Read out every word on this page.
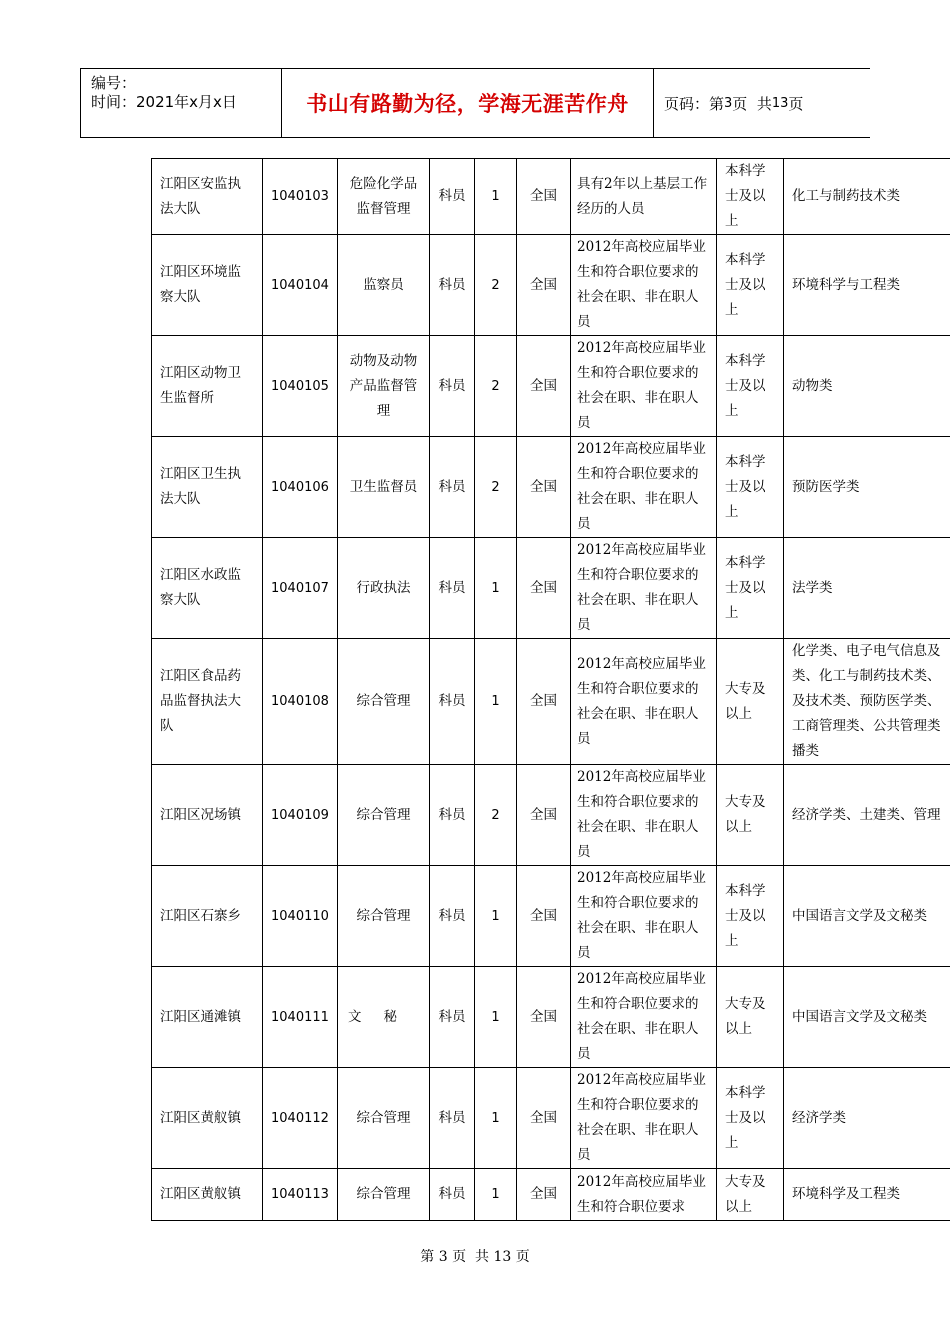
编号：
时间：2021年x月x日	书山有路勤为径，学海无涯苦作舟	页码：第 3 页  共 13 页
江阳区安监执法大队	1040103	危险化学品监督管理	科员	1	全国	具有2年以上基层工作经历的人员	本科学士及以上	化工与制药技术类
江阳区环境监察大队	1040104	监察员	科员	2	全国	2012年高校应届毕业生和符合职位要求的社会在职、非在职人员	本科学士及以上	环境科学与工程类
江阳区动物卫生监督所	1040105	动物及动物产品监督管理	科员	2	全国	2012年高校应届毕业生和符合职位要求的社会在职、非在职人员	本科学士及以上	动物类
江阳区卫生执法大队	1040106	卫生监督员	科员	2	全国	2012年高校应届毕业生和符合职位要求的社会在职、非在职人员	本科学士及以上	预防医学类
江阳区水政监察大队	1040107	行政执法	科员	1	全国	2012年高校应届毕业生和符合职位要求的社会在职、非在职人员	本科学士及以上	法学类
江阳区食品药品监督执法大队	1040108	综合管理	科员	1	全国	2012年高校应届毕业生和符合职位要求的社会在职、非在职人员	大专及以上	化学类、电子电气信息及
类、化工与制药技术类、
及技术类、预防医学类、
工商管理类、公共管理类
播类

江阳区况场镇	1040109	综合管理	科员	2	全国	2012年高校应届毕业生和符合职位要求的社会在职、非在职人员	大专及以上	经济学类、土建类、管理
江阳区石寨乡	1040110	综合管理	科员	1	全国	2012年高校应届毕业生和符合职位要求的社会在职、非在职人员	本科学士及以上	中国语言文学及文秘类
江阳区通滩镇	1040111	文秘	科员	1	全国	2012年高校应届毕业生和符合职位要求的社会在职、非在职人员	大专及以上	中国语言文学及文秘类
江阳区黄舣镇	1040112	综合管理	科员	1	全国	2012年高校应届毕业生和符合职位要求的社会在职、非在职人员	本科学士及以上	经济学类
江阳区黄舣镇	1040113	综合管理	科员	1	全国	2012年高校应届毕业生和符合职位要求	大专及以上	环境科学及工程类
第 3 页  共 13 页
